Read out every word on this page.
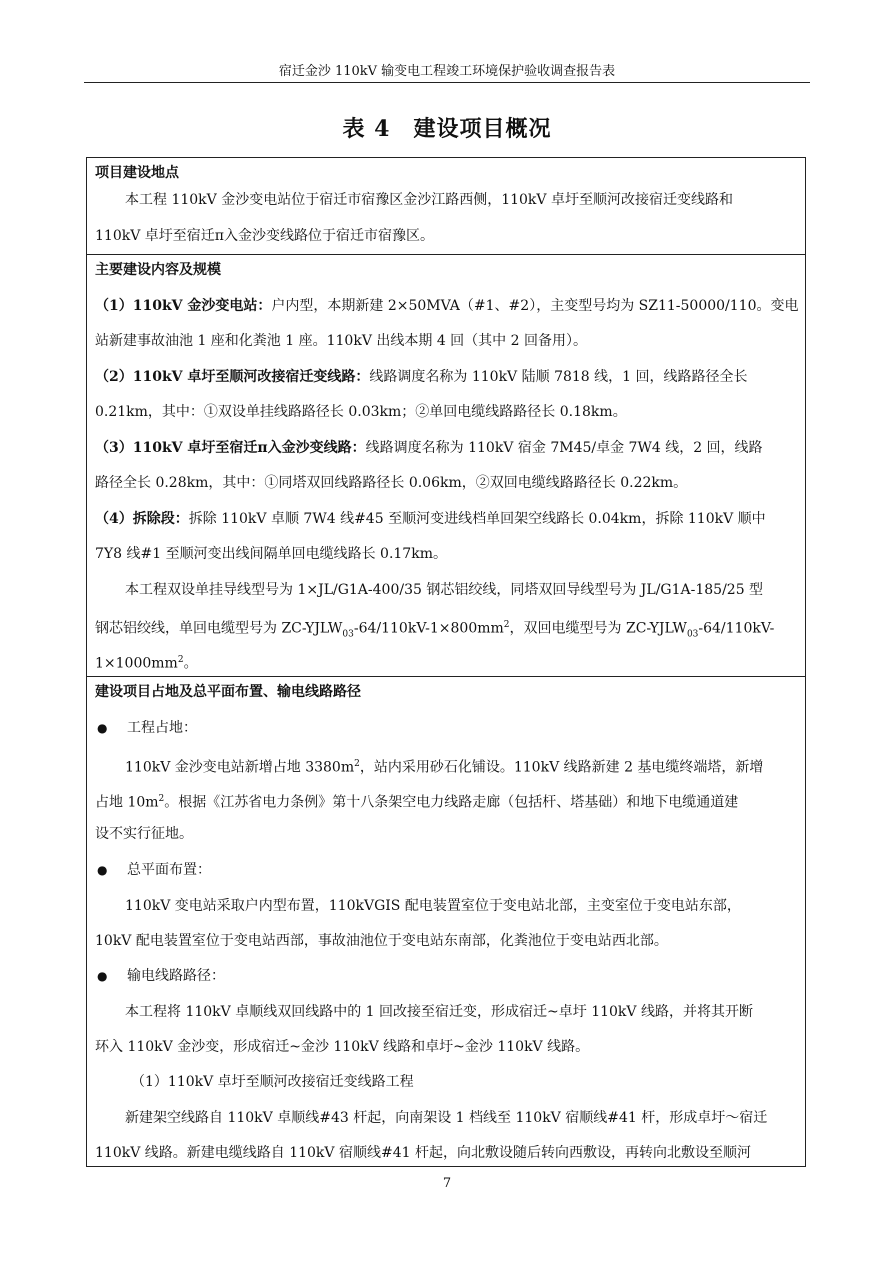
宿迁金沙 110kV 输变电工程竣工环境保护验收调查报告表
表 4　建设项目概况
项目建设地点
本工程 110kV 金沙变电站位于宿迁市宿豫区金沙江路西侧，110kV 卓圩至顺河改接宿迁变线路和
110kV 卓圩至宿迁π入金沙变线路位于宿迁市宿豫区。
主要建设内容及规模
（1）110kV 金沙变电站：户内型，本期新建 2×50MVA（#1、#2），主变型号均为 SZ11-50000/110。变电
站新建事故油池 1 座和化粪池 1 座。110kV 出线本期 4 回（其中 2 回备用）。
（2）110kV 卓圩至顺河改接宿迁变线路：线路调度名称为 110kV 陆顺 7818 线，1 回，线路路径全长
0.21km，其中：①双设单挂线路路径长 0.03km；②单回电缆线路路径长 0.18km。
（3）110kV 卓圩至宿迁π入金沙变线路：线路调度名称为 110kV 宿金 7M45/卓金 7W4 线，2 回，线路
路径全长 0.28km，其中：①同塔双回线路路径长 0.06km，②双回电缆线路路径长 0.22km。
（4）拆除段：拆除 110kV 卓顺 7W4 线#45 至顺河变进线档单回架空线路长 0.04km，拆除 110kV 顺中
7Y8 线#1 至顺河变出线间隔单回电缆线路长 0.17km。
本工程双设单挂导线型号为 1×JL/G1A-400/35 钢芯铝绞线，同塔双回导线型号为 JL/G1A-185/25 型
钢芯铝绞线，单回电缆型号为 $ZC-YJLW_{03}-64/110kV-1\times 800mm^2$，双回电缆型号为 $ZC-YJLW_{03}-64/110kV-$
$1\times 1000mm^2$。
建设项目占地及总平面布置、输电线路路径
● 工程占地：
110kV 金沙变电站新增占地 $3380m^2$，站内采用砂石化铺设。110kV 线路新建 2 基电缆终端塔，新增
占地 $10m^2$。根据《江苏省电力条例》第十八条架空电力线路走廊（包括杆、塔基础）和地下电缆通道建
设不实行征地。
● 总平面布置：
110kV 变电站采取户内型布置，110kVGIS 配电装置室位于变电站北部，主变室位于变电站东部，
10kV 配电装置室位于变电站西部，事故油池位于变电站东南部，化粪池位于变电站西北部。
● 输电线路路径：
本工程将 110kV 卓顺线双回线路中的 1 回改接至宿迁变，形成宿迁~卓圩 110kV 线路，并将其开断
环入 110kV 金沙变，形成宿迁~金沙 110kV 线路和卓圩~金沙 110kV 线路。
（1）110kV 卓圩至顺河改接宿迁变线路工程
新建架空线路自 110kV 卓顺线#43 杆起，向南架设 1 档线至 110kV 宿顺线#41 杆，形成卓圩～宿迁
110kV 线路。新建电缆线路自 110kV 宿顺线#41 杆起，向北敷设随后转向西敷设，再转向北敷设至顺河
7
